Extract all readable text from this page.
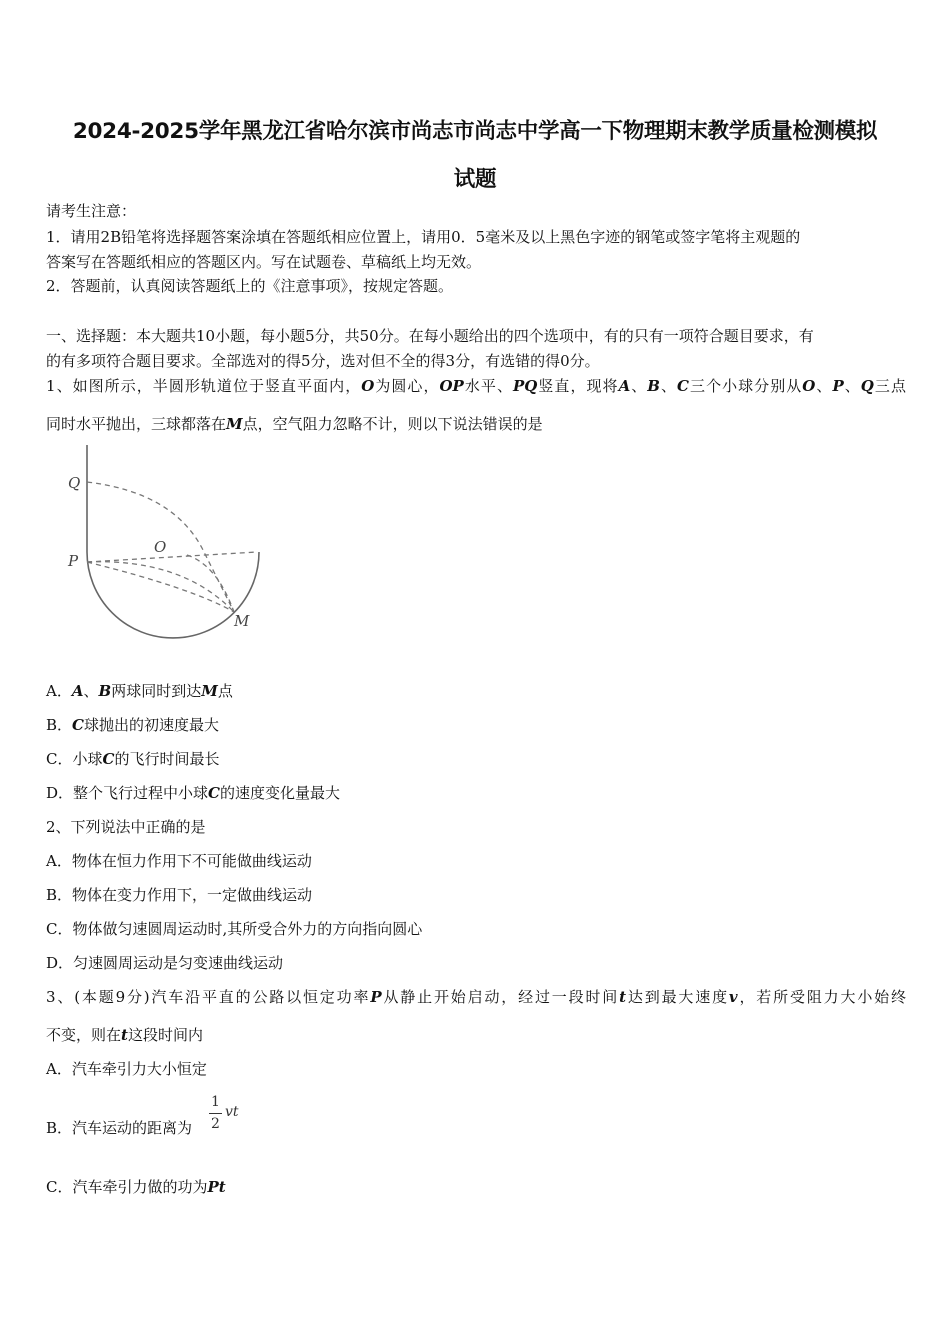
2024-2025学年黑龙江省哈尔滨市尚志市尚志中学高一下物理期末教学质量检测模拟
试题
请考生注意：
1．请用2B铅笔将选择题答案涂填在答题纸相应位置上，请用0．5毫米及以上黑色字迹的钢笔或签字笔将主观题的
答案写在答题纸相应的答题区内。写在试题卷、草稿纸上均无效。
2．答题前，认真阅读答题纸上的《注意事项》，按规定答题。
一、选择题：本大题共10小题，每小题5分，共50分。在每小题给出的四个选项中，有的只有一项符合题目要求，有
的有多项符合题目要求。全部选对的得5分，选对但不全的得3分，有选错的得0分。
1、如图所示，半圆形轨道位于竖直平面内，O为圆心，OP水平、PQ竖直，现将A、B、C三个小球分别从O、P、Q三点
同时水平抛出，三球都落在M点，空气阻力忽略不计，则以下说法错误的是
Q
P
O
M
A．A、B两球同时到达M点
B．C球抛出的初速度最大
C．小球C的飞行时间最长
D．整个飞行过程中小球C的速度变化量最大
2、下列说法中正确的是
A．物体在恒力作用下不可能做曲线运动
B．物体在变力作用下，一定做曲线运动
C．物体做匀速圆周运动时,其所受合外力的方向指向圆心
D．匀速圆周运动是匀变速曲线运动
3、(本题9分)汽车沿平直的公路以恒定功率P从静止开始启动，经过一段时间t达到最大速度v，若所受阻力大小始终
不变，则在t这段时间内
A．汽车牵引力大小恒定
B．汽车运动的距离为
1
2
vt
C．汽车牵引力做的功为Pt
